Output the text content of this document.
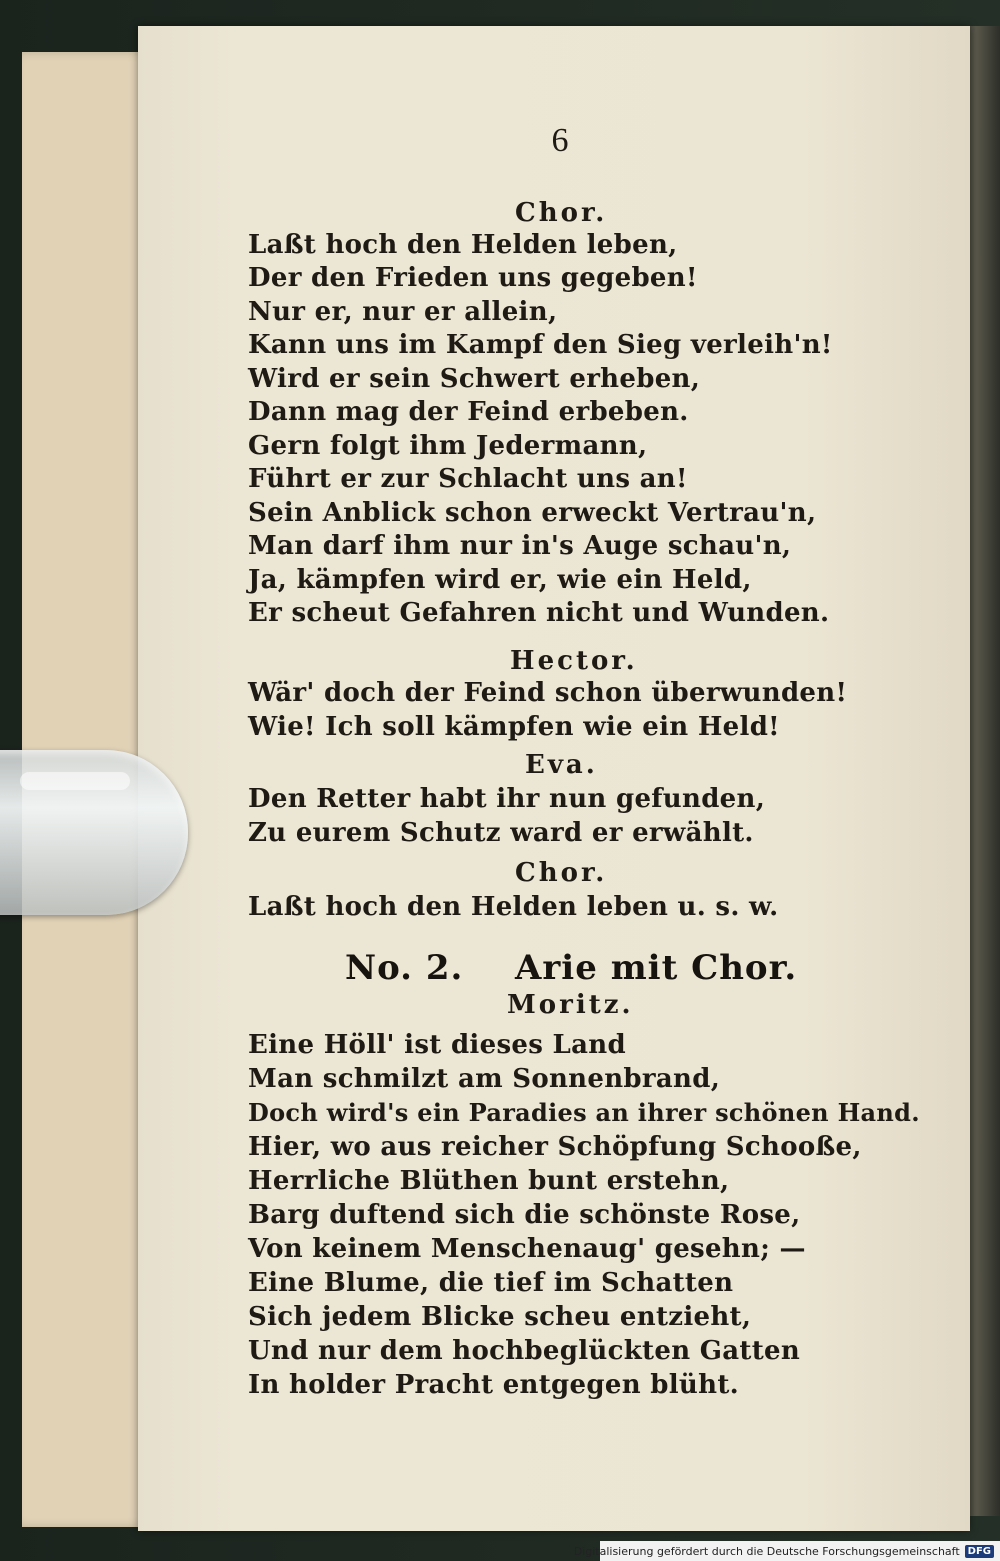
6
Chor.
Laßt hoch den Helden leben,
Der den Frieden uns gegeben!
Nur er, nur er allein,
Kann uns im Kampf den Sieg verleih'n!
Wird er sein Schwert erheben,
Dann mag der Feind erbeben.
Gern folgt ihm Jedermann,
Führt er zur Schlacht uns an!
Sein Anblick schon erweckt Vertrau'n,
Man darf ihm nur in's Auge schau'n,
Ja, kämpfen wird er, wie ein Held,
Er scheut Gefahren nicht und Wunden.
Hector.
Wär' doch der Feind schon überwunden!
Wie! Ich soll kämpfen wie ein Held!
Eva.
Den Retter habt ihr nun gefunden,
Zu eurem Schutz ward er erwählt.
Chor.
Laßt hoch den Helden leben u. s. w.
No. 2. Arie mit Chor.
Moritz.
Eine Höll' ist dieses Land
Man schmilzt am Sonnenbrand,
Doch wird's ein Paradies an ihrer schönen Hand.
Hier, wo aus reicher Schöpfung Schooße,
Herrliche Blüthen bunt erstehn,
Barg duftend sich die schönste Rose,
Von keinem Menschenaug' gesehn; —
Eine Blume, die tief im Schatten
Sich jedem Blicke scheu entzieht,
Und nur dem hochbeglückten Gatten
In holder Pracht entgegen blüht.
Digitalisierung gefördert durch die Deutsche Forschungsgemeinschaft DFG
